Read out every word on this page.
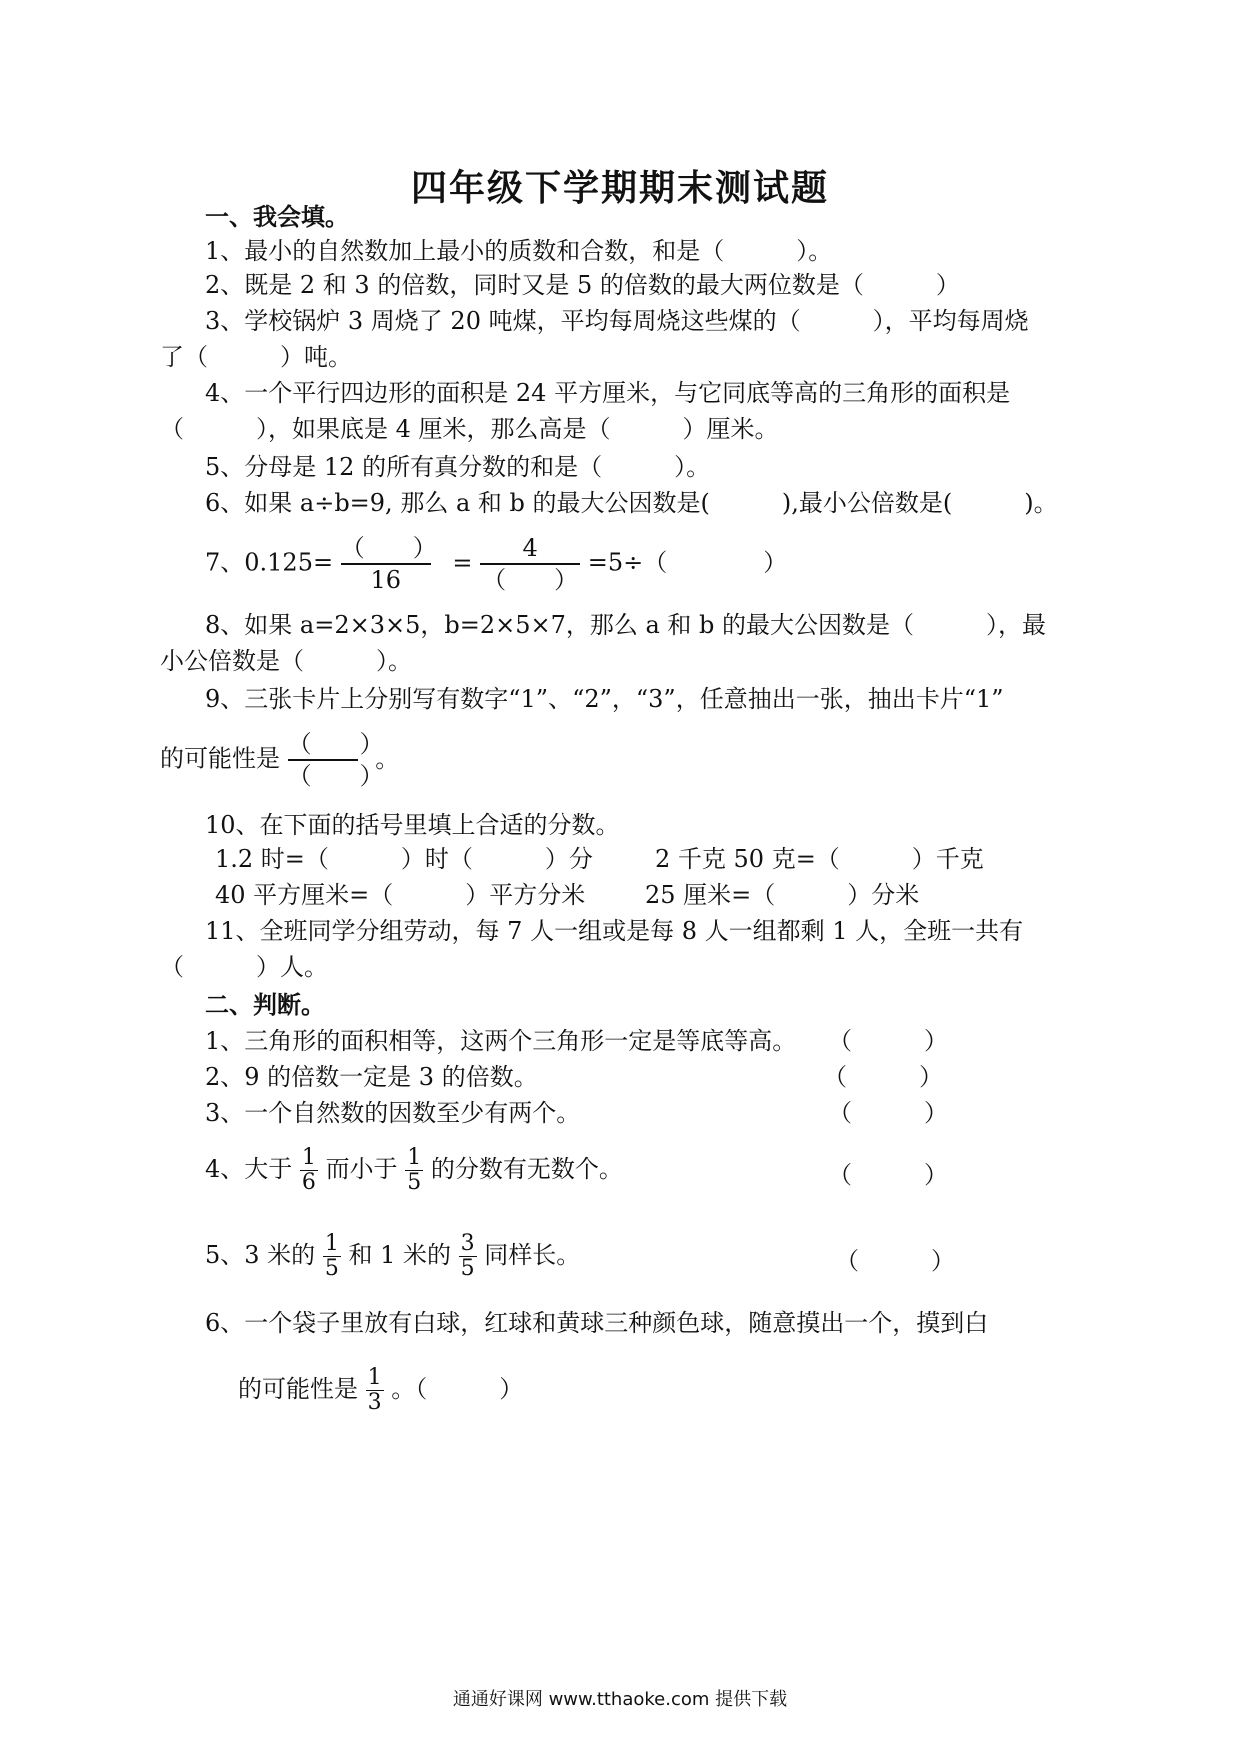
四年级下学期期末测试题
一、我会填。
1、最小的自然数加上最小的质数和合数，和是（　　　）。
2、既是 2 和 3 的倍数，同时又是 5 的倍数的最大两位数是（　　　）
3、学校锅炉 3 周烧了 20 吨煤，平均每周烧这些煤的（　　　），平均每周烧
了（　　　）吨。
4、一个平行四边形的面积是 24 平方厘米，与它同底等高的三角形的面积是
（　　　），如果底是 4 厘米，那么高是（　　　）厘米。
5、分母是 12 的所有真分数的和是（　　　）。
6、如果 a÷b=9, 那么 a 和 b 的最大公因数是(　　　),最小公倍数是(　　　)。
7、$0.125= \frac{( )}{16} = \frac{4}{( )} =5\div$（　　　　）
8、如果 a=2×3×5，b=2×5×7，那么 a 和 b 的最大公因数是（　　　），最
小公倍数是（　　　）。
9、三张卡片上分别写有数字“1”、“2”，“3”，任意抽出一张，抽出卡片“1”
的可能性是 $\frac{( )}{( )}$ 。
10、在下面的括号里填上合适的分数。
1.2 时=（　　　）时（　　　）分	2 千克 50 克=（　　　）千克
40 平方厘米=（　　　）平方分米 25 厘米=（　　　）分米
11、全班同学分组劳动，每 7 人一组或是每 8 人一组都剩 1 人，全班一共有
（　　　）人。
二、判断。
1、三角形的面积相等，这两个三角形一定是等底等高。 （　　　）
2、9 的倍数一定是 3 的倍数。	（　　　）
3、一个自然数的因数至少有两个。	（　　　）
4、大于 $\frac{1}{6}$ 而小于 $\frac{1}{5}$ 的分数有无数个。	（　　　）
5、3 米的 $\frac{1}{5}$ 和 1 米的 $\frac{3}{5}$ 同样长。	（　　　）
6、一个袋子里放有白球，红球和黄球三种颜色球，随意摸出一个，摸到白
的可能性是 $\frac{1}{3}$ 。（　　　）
通通好课网 www.tthaoke.com 提供下载
